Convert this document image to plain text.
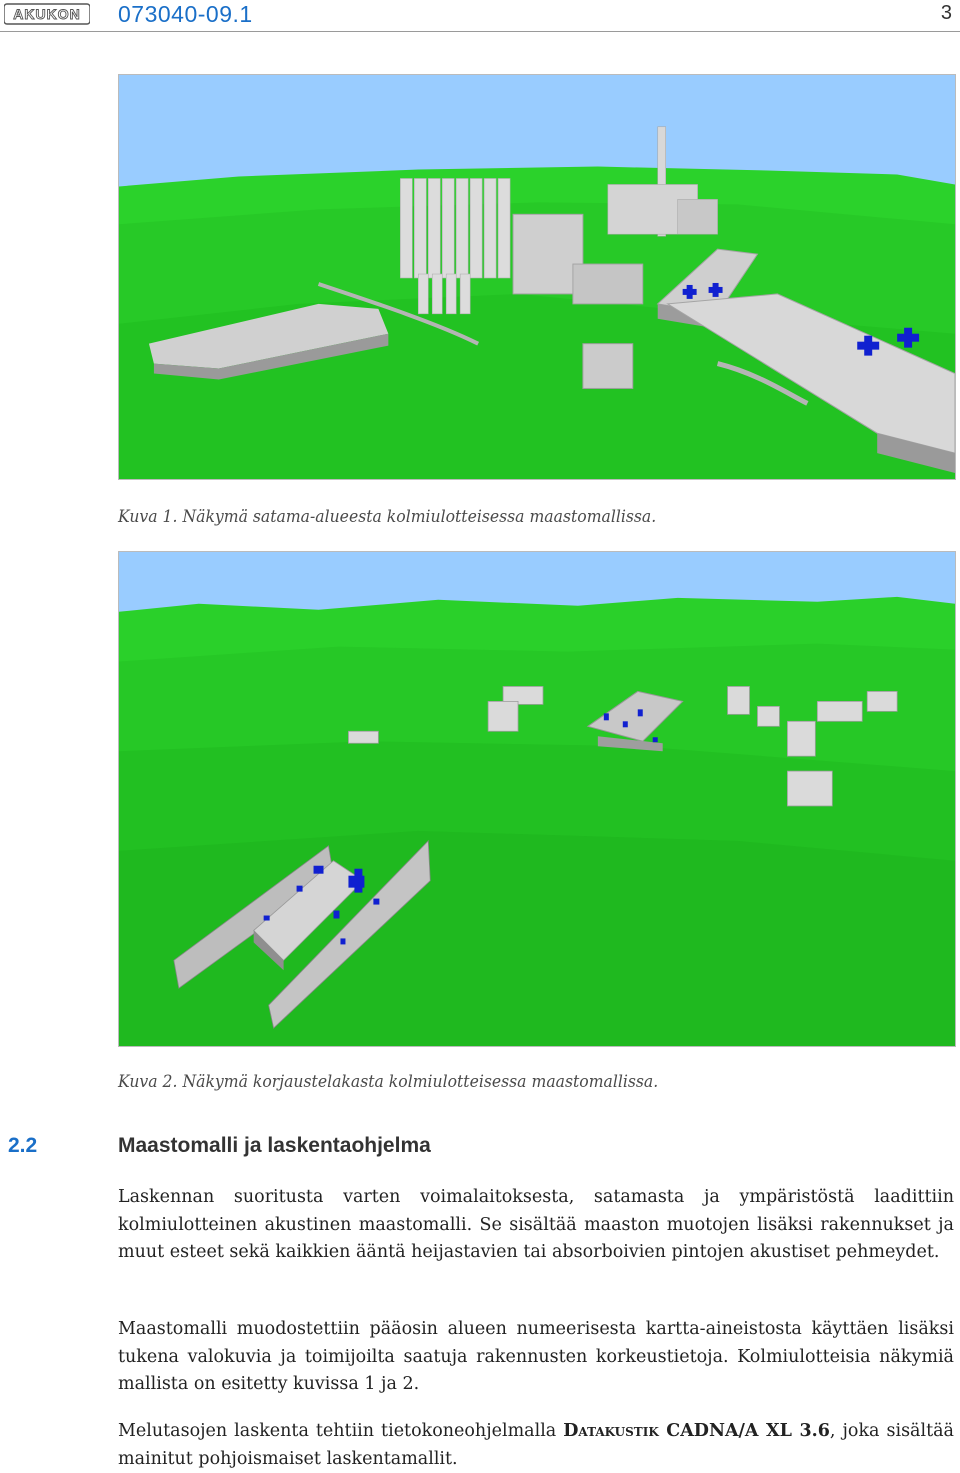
AKUKON 073040-09.1	3
Kuva 1. Näkymä satama-alueesta kolmiulotteisessa maastomallissa.
Kuva 2. Näkymä korjaustelakasta kolmiulotteisessa maastomallissa.
2.2	Maastomalli ja laskentaohjelma

Laskennan suoritusta varten voimalaitoksesta, satamasta ja ympäristöstä laadittiin kolmiulotteinen akustinen maastomalli. Se sisältää maaston muotojen lisäksi rakennukset ja muut esteet sekä kaikkien ääntä heijastavien tai absorboivien pintojen akustiset pehmeydet.

Maastomalli muodostettiin pääosin alueen numeerisesta kartta-aineistosta käyttäen lisäksi tukena valokuvia ja toimijoilta saatuja rakennusten korkeustietoja. Kolmiulotteisia näkymiä mallista on esitetty kuvissa 1 ja 2.

Melutasojen laskenta tehtiin tietokoneohjelmalla Datakustik CADNA/A XL 3.6, joka sisältää mainitut pohjoismaiset laskentamallit.
